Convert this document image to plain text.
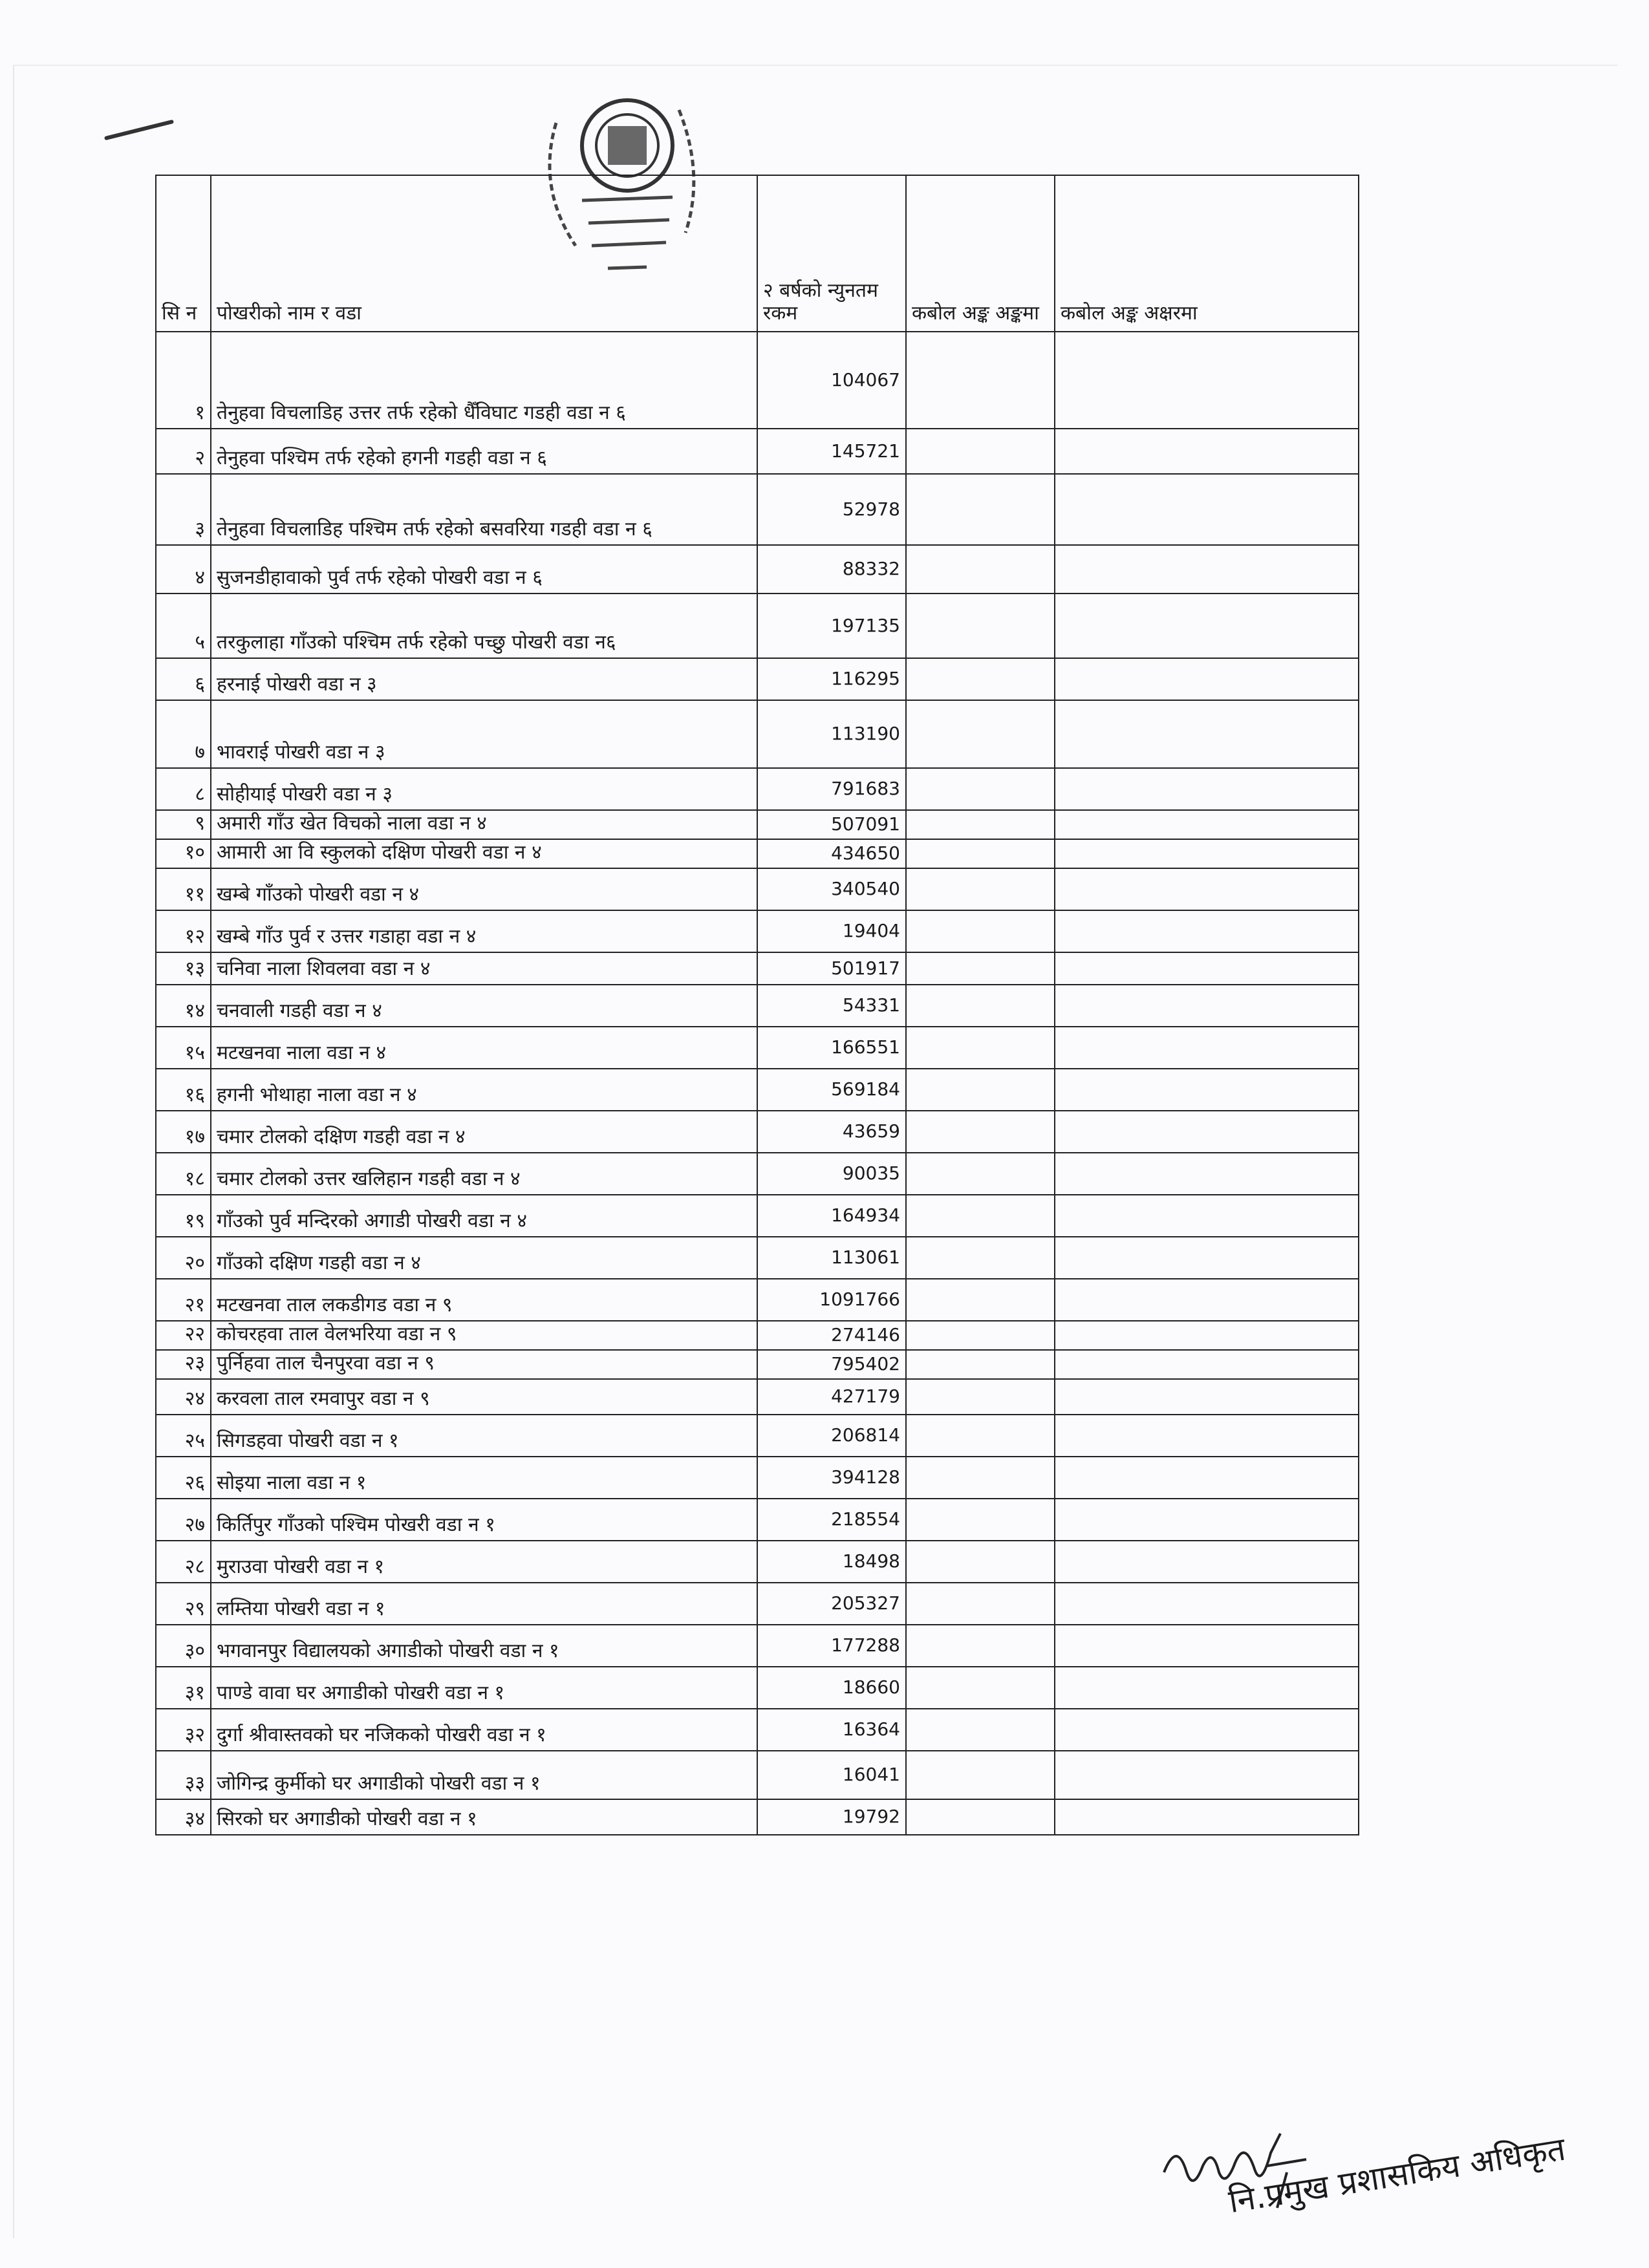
सि न	पोखरीको नाम र वडा	२ बर्षको न्युनतम रकम	कबोल अङ्क अङ्कमा	कबोल अङ्क अक्षरमा
१	तेनुहवा विचलाडिह उत्तर तर्फ रहेको धैँविघाट गडही वडा न ६	104067		
२	तेनुहवा पश्चिम तर्फ रहेको हगनी गडही वडा न ६	145721		
३	तेनुहवा विचलाडिह पश्चिम तर्फ रहेको बसवरिया गडही वडा न ६	52978		
४	सुजनडीहावाको पुर्व तर्फ रहेको पोखरी वडा न ६	88332		
५	तरकुलाहा गाँउको पश्चिम तर्फ रहेको पच्छु पोखरी वडा न६	197135		
६	हरनाई पोखरी वडा न ३	116295		
७	भावराई पोखरी वडा न ३	113190		
८	सोहीयाई पोखरी वडा न ३	791683		
९	अमारी गाँउ खेत विचको नाला वडा न ४	507091		
१०	आमारी आ वि स्कुलको दक्षिण पोखरी वडा न ४	434650		
११	खम्बे गाँउको पोखरी वडा न ४	340540		
१२	खम्बे गाँउ पुर्व र उत्तर गडाहा वडा न ४	19404		
१३	चनिवा नाला शिवलवा वडा न ४	501917		
१४	चनवाली गडही वडा न ४	54331		
१५	मटखनवा नाला वडा न ४	166551		
१६	हगनी भोथाहा नाला वडा न ४	569184		
१७	चमार टोलको दक्षिण गडही वडा न ४	43659		
१८	चमार टोलको उत्तर खलिहान गडही वडा न ४	90035		
१९	गाँउको पुर्व मन्दिरको अगाडी पोखरी वडा न ४	164934		
२०	गाँउको दक्षिण गडही वडा न ४	113061		
२१	मटखनवा ताल लकडीगड वडा न ९	1091766		
२२	कोचरहवा ताल वेलभरिया वडा न ९	274146		
२३	पुर्निहवा ताल चैनपुरवा वडा न ९	795402		
२४	करवला ताल रमवापुर वडा न ९	427179		
२५	सिगडहवा पोखरी वडा न १	206814		
२६	सोइया नाला वडा न १	394128		
२७	किर्तिपुर गाँउको पश्चिम पोखरी वडा न १	218554		
२८	मुराउवा पोखरी वडा न १	18498		
२९	लम्तिया पोखरी वडा न १	205327		
३०	भगवानपुर विद्यालयको अगाडीको पोखरी वडा न १	177288		
३१	पाण्डे वावा घर अगाडीको पोखरी वडा न १	18660		
३२	दुर्गा श्रीवास्तवको घर नजिकको पोखरी वडा न १	16364		
३३	जोगिन्द्र कुर्मीको घर अगाडीको पोखरी वडा न १	16041		
३४	सिरको घर अगाडीको पोखरी वडा न १	19792		
नि.प्रमुख प्रशासकिय अधिकृत
